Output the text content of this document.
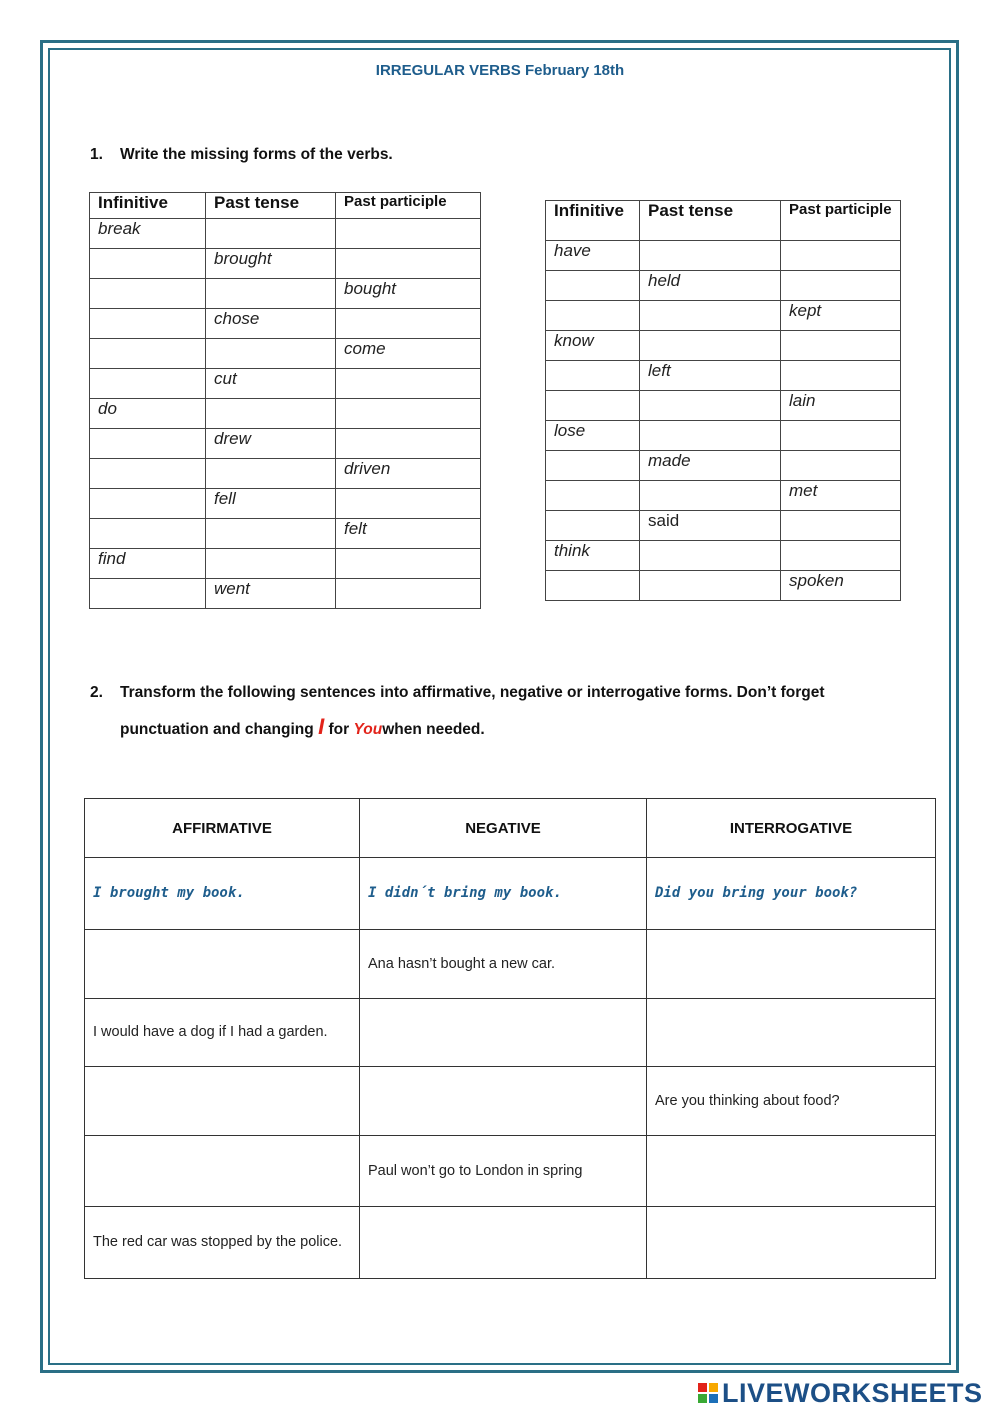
IRREGULAR VERBS February 18th
1. Write the missing forms of the verbs.
Infinitive	Past tense	Past participle
break		
	brought	
		bought
	chose	
		come
	cut	
do		
	drew	
		driven
	fell	
		felt
find		
	went	
Infinitive	Past tense	Past participle
have		
	held	
		kept
know		
	left	
		lain
lose		
	made	
		met
	said	
think		
		spoken
2. Transform the following sentences into affirmative, negative or interrogative forms. Don’t forget
punctuation and changing I for Youwhen needed.
AFFIRMATIVE	NEGATIVE	INTERROGATIVE
I brought my book.	I didn´t bring my book.	Did you bring your book?
	Ana hasn’t bought a new car.	
I would have a dog if I had a garden.		
		Are you thinking about food?
	Paul won’t go to London in spring	
The red car was stopped by the police.		
LIVEWORKSHEETS
